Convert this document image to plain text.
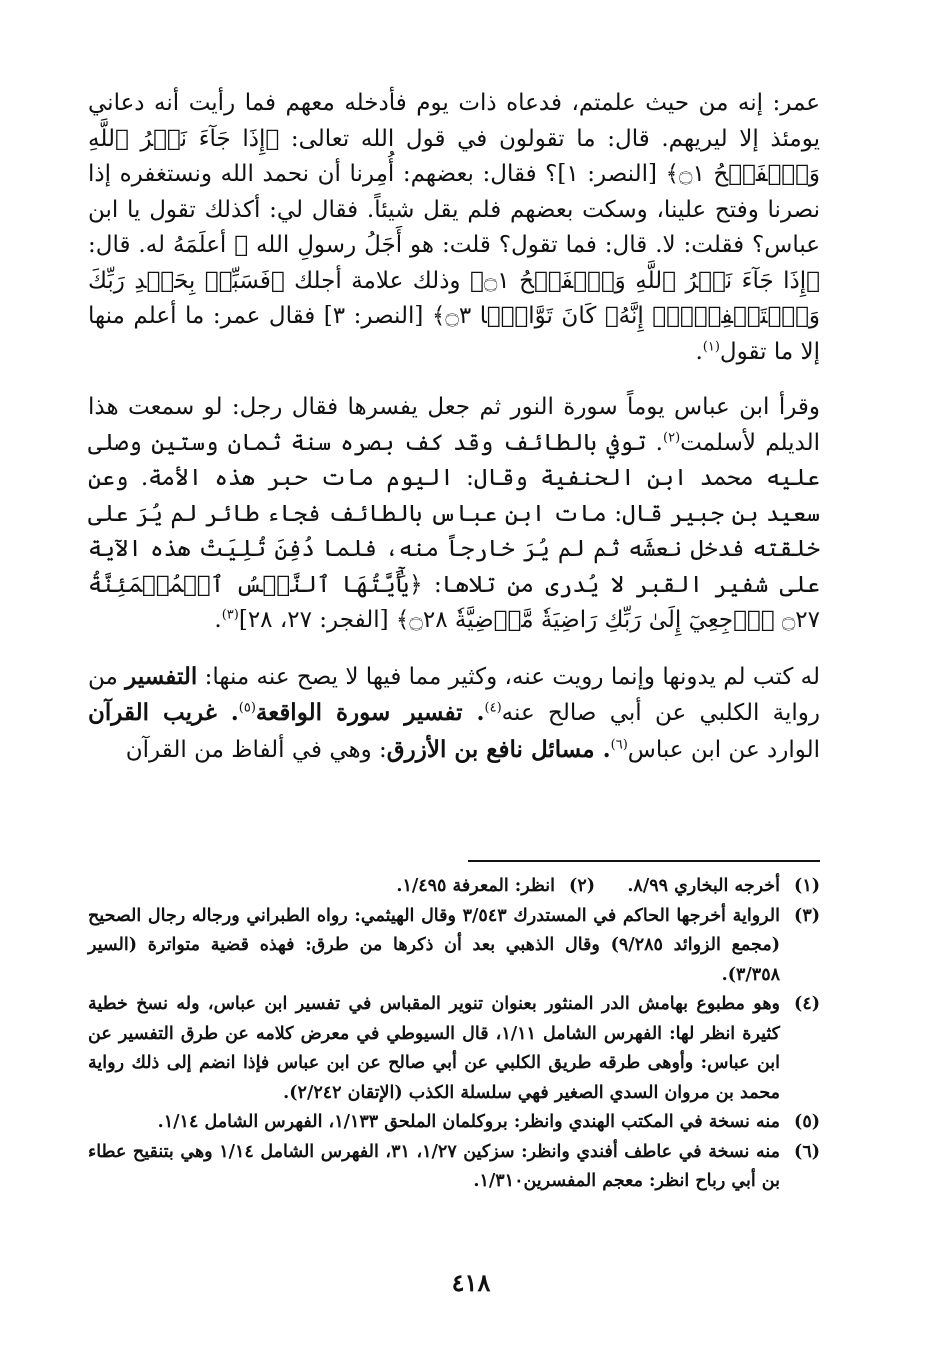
عمر: إنه من حيث علمتم، فدعاه ذات يوم فأدخله معهم فما رأيت أنه دعاني يومئذ إلا ليريهم. قال: ما تقولون في قول الله تعالى: ﴿إِذَا جَآءَ نَصۡرُ ٱللَّهِ وَٱلۡفَتۡحُ ۝١﴾ [النصر: ١]؟ فقال: بعضهم: أُمِرنا أن نحمد الله ونستغفره إذا نصرنا وفتح علينا، وسكت بعضهم فلم يقل شيئاً. فقال لي: أكذلك تقول يا ابن عباس؟ فقلت: لا. قال: فما تقول؟ قلت: هو أَجَلُ رسولِ الله ﷺ أعلَمَهُ له. قال: ﴿إِذَا جَآءَ نَصۡرُ ٱللَّهِ وَٱلۡفَتۡحُ ۝١﴾ وذلك علامة أجلك ﴿فَسَبِّحۡ بِحَمۡدِ رَبِّكَ وَٱسۡتَغۡفِرۡهُۚ إِنَّهُۥ كَانَ تَوَّابَۢا ۝٣﴾ [النصر: ٣] فقال عمر: ما أعلم منها إلا ما تقول$^{(١)}$.

وقرأ ابن عباس يوماً سورة النور ثم جعل يفسرها فقال رجل: لو سمعت هذا الديلم لأسلمت$^{(٢)}$. توفي بالطائف وقد كف بصره سنة ثمان وستين وصلى عليه محمد ابن الحنفية وقال: اليوم مات حبر هذه الأمة. وعن سعيد بن جبير قال: مات ابن عباس بالطائف فجاء طائر لم يُرَ على خلقته فدخل نعشَه ثم لم يُرَ خارجاً منه، فلما دُفِنَ تُلِيَتْ هذه الآية على شفير القبر لا يُدرى من تلاها: ﴿يَٰٓأَيَّتُهَا ٱلنَّفۡسُ ٱلۡمُطۡمَئِنَّةُ ۝٢٧ ٱرۡجِعِيٓ إِلَىٰ رَبِّكِ رَاضِيَةٗ مَّرۡضِيَّةٗ ۝٢٨﴾ [الفجر: ٢٧، ٢٨]$^{(٣)}$.

له كتب لم يدونها وإنما رويت عنه، وكثير مما فيها لا يصح عنه منها: التفسير من رواية الكلبي عن أبي صالح عنه$^{(٤)}$. تفسير سورة الواقعة$^{(٥)}$. غريب القرآن الوارد عن ابن عباس$^{(٦)}$. مسائل نافع بن الأزرق: وهي في ألفاظ من القرآن

(١)
أخرجه البخاري ٨/٩٩.
(٢)
انظر: المعرفة ١/٤٩٥.
(٣)
الرواية أخرجها الحاكم في المستدرك ٣/٥٤٣ وقال الهيثمي: رواه الطبراني ورجاله رجال الصحيح (مجمع الزوائد ٩/٢٨٥) وقال الذهبي بعد أن ذكرها من طرق: فهذه قضية متواترة (السير ٣/٣٥٨).
(٤)
وهو مطبوع بهامش الدر المنثور بعنوان تنوير المقباس في تفسير ابن عباس، وله نسخ خطية كثيرة انظر لها: الفهرس الشامل ١/١١، قال السيوطي في معرض كلامه عن طرق التفسير عن ابن عباس: وأوهى طرقه طريق الكلبي عن أبي صالح عن ابن عباس فإذا انضم إلى ذلك رواية محمد بن مروان السدي الصغير فهي سلسلة الكذب (الإتقان ٢/٢٤٢).
(٥)
منه نسخة في المكتب الهندي وانظر: بروكلمان الملحق ١/١٣٣، الفهرس الشامل ١/١٤.
(٦)
منه نسخة في عاطف أفندي وانظر: سزكين ١/٢٧، ٣١، الفهرس الشامل ١/١٤ وهي بتنقيح عطاء بن أبي رباح انظر: معجم المفسرين١/٣١٠.
٤١٨
